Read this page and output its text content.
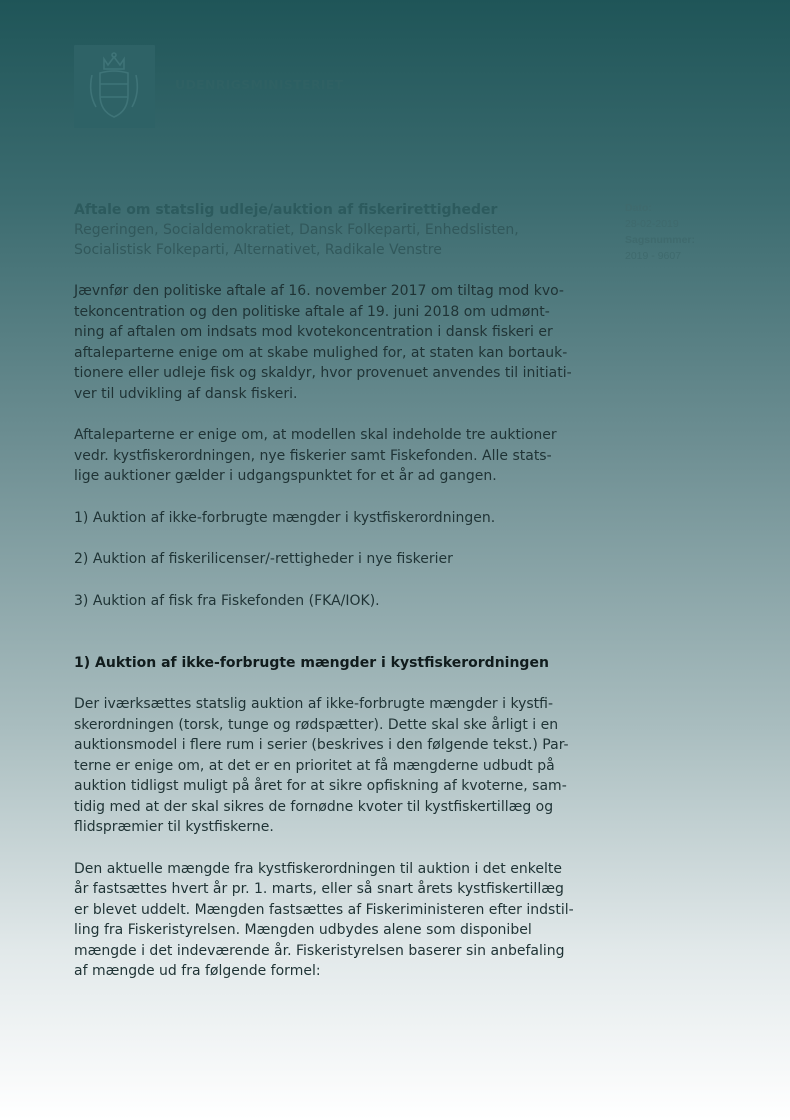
UDENRIGSMINISTERIET
Dato:
28-02-2019
Sagsnummer:
2019 - 9607
Aftale om statslig udleje/auktion af fiskerirettigheder
Regeringen, Socialdemokratiet, Dansk Folkeparti, Enhedslisten,
Socialistisk Folkeparti, Alternativet, Radikale Venstre

Jævnfør den politiske aftale af 16. november 2017 om tiltag mod kvo-

tekoncentration og den politiske aftale af 19. juni 2018 om udmønt-

ning af aftalen om indsats mod kvotekoncentration i dansk fiskeri er

aftaleparterne enige om at skabe mulighed for, at staten kan bortauk-

tionere eller udleje fisk og skaldyr, hvor provenuet anvendes til initiati-

ver til udvikling af dansk fiskeri.

Aftaleparterne er enige om, at modellen skal indeholde tre auktioner

vedr. kystfiskerordningen, nye fiskerier samt Fiskefonden. Alle stats-

lige auktioner gælder i udgangspunktet for et år ad gangen.

1) Auktion af ikke-forbrugte mængder i kystfiskerordningen.

2) Auktion af fiskerilicenser/-rettigheder i nye fiskerier

3) Auktion af fisk fra Fiskefonden (FKA/IOK).

1) Auktion af ikke-forbrugte mængder i kystfiskerordningen

Der iværksættes statslig auktion af ikke-forbrugte mængder i kystfi-

skerordningen (torsk, tunge og rødspætter). Dette skal ske årligt i en

auktionsmodel i flere rum i serier (beskrives i den følgende tekst.) Par-

terne er enige om, at det er en prioritet at få mængderne udbudt på

auktion tidligst muligt på året for at sikre opfiskning af kvoterne, sam-

tidig med at der skal sikres de fornødne kvoter til kystfiskertillæg og

flidspræmier til kystfiskerne.

Den aktuelle mængde fra kystfiskerordningen til auktion i det enkelte

år fastsættes hvert år pr. 1. marts, eller så snart årets kystfiskertillæg

er blevet uddelt. Mængden fastsættes af Fiskeriministeren efter indstil-

ling fra Fiskeristyrelsen. Mængden udbydes alene som disponibel

mængde i det indeværende år. Fiskeristyrelsen baserer sin anbefaling

af mængde ud fra følgende formel:
